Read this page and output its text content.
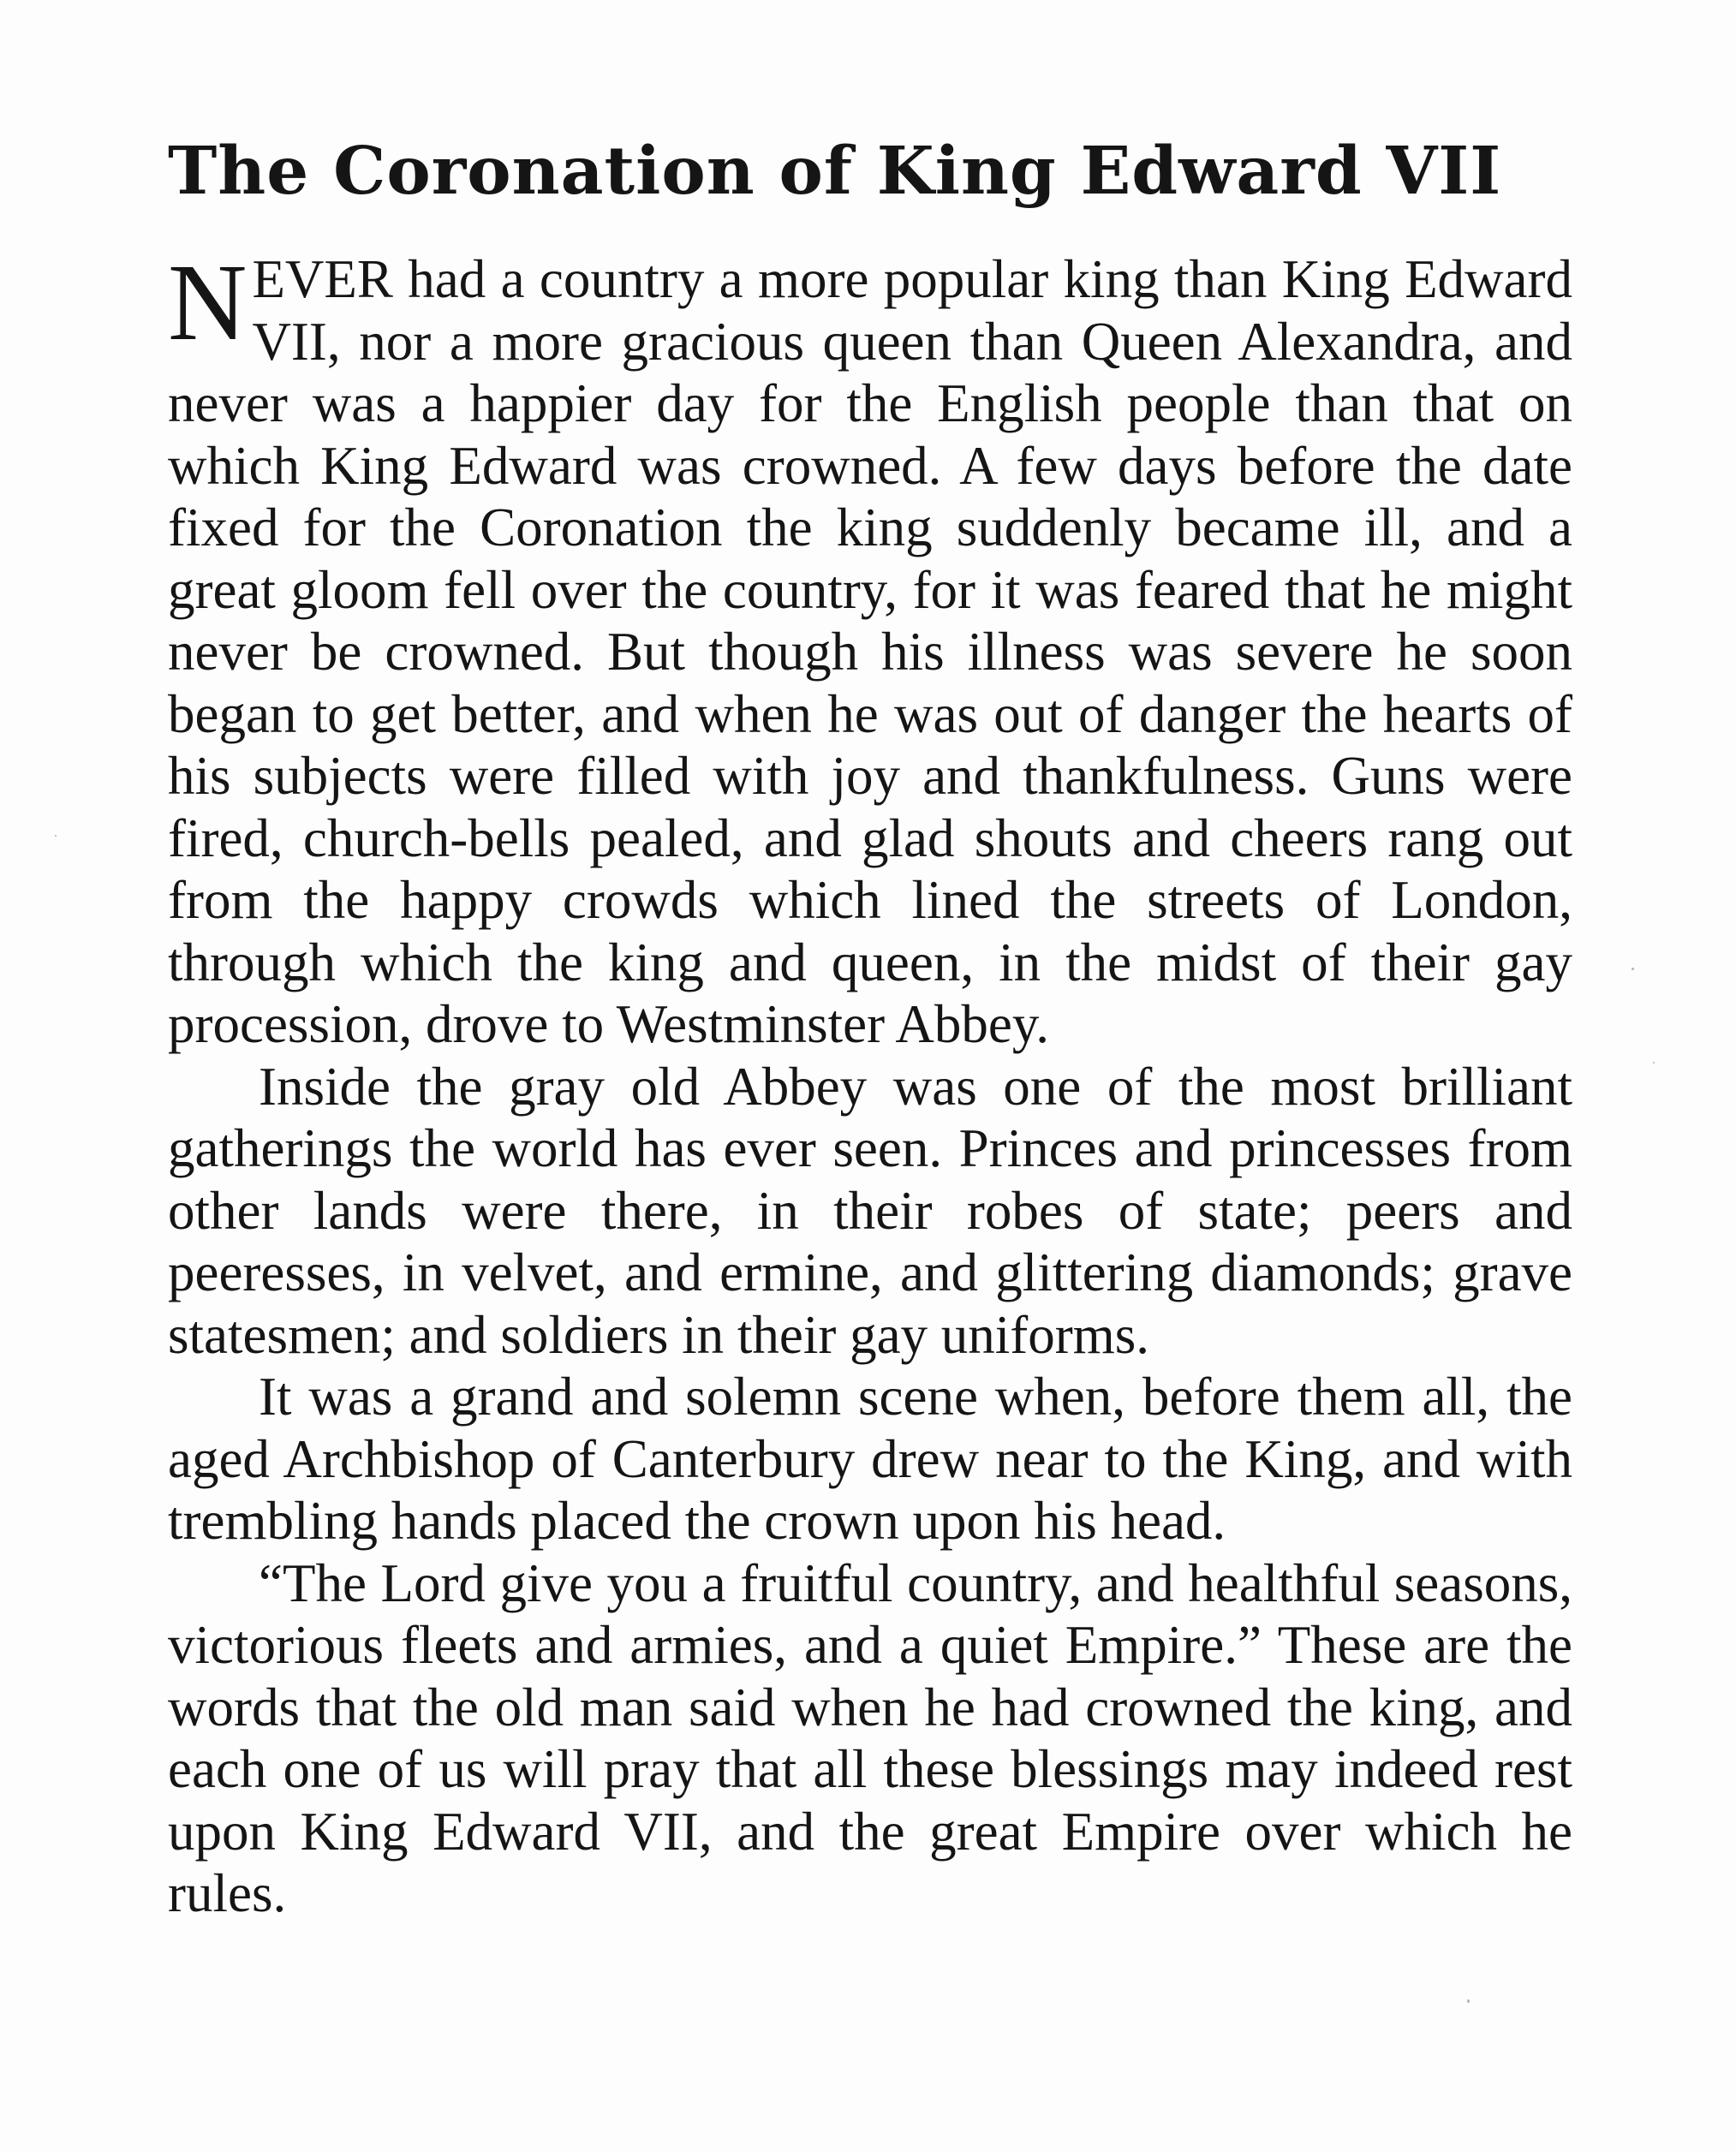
The Coronation of King Edward VII

NEVER had a country a more popular king than King Edward VII, nor a more gracious queen than Queen Alexandra, and never was a happier day for the English people than that on which King Edward was crowned. A few days before the date fixed for the Coronation the king suddenly became ill, and a great gloom fell over the country, for it was feared that he might never be crowned. But though his illness was severe he soon began to get better, and when he was out of danger the hearts of his subjects were filled with joy and thankfulness. Guns were fired, church-bells pealed, and glad shouts and cheers rang out from the happy crowds which lined the streets of London, through which the king and queen, in the midst of their gay procession, drove to Westminster Abbey.

Inside the gray old Abbey was one of the most brilliant gatherings the world has ever seen. Princes and princesses from other lands were there, in their robes of state; peers and peeresses, in velvet, and ermine, and glittering diamonds; grave statesmen; and soldiers in their gay uniforms.

It was a grand and solemn scene when, before them all, the aged Archbishop of Canterbury drew near to the King, and with trembling hands placed the crown upon his head.

“The Lord give you a fruitful country, and healthful seasons, victorious fleets and armies, and a quiet Empire.” These are the words that the old man said when he had crowned the king, and each one of us will pray that all these blessings may indeed rest upon King Edward VII, and the great Empire over which he rules.
